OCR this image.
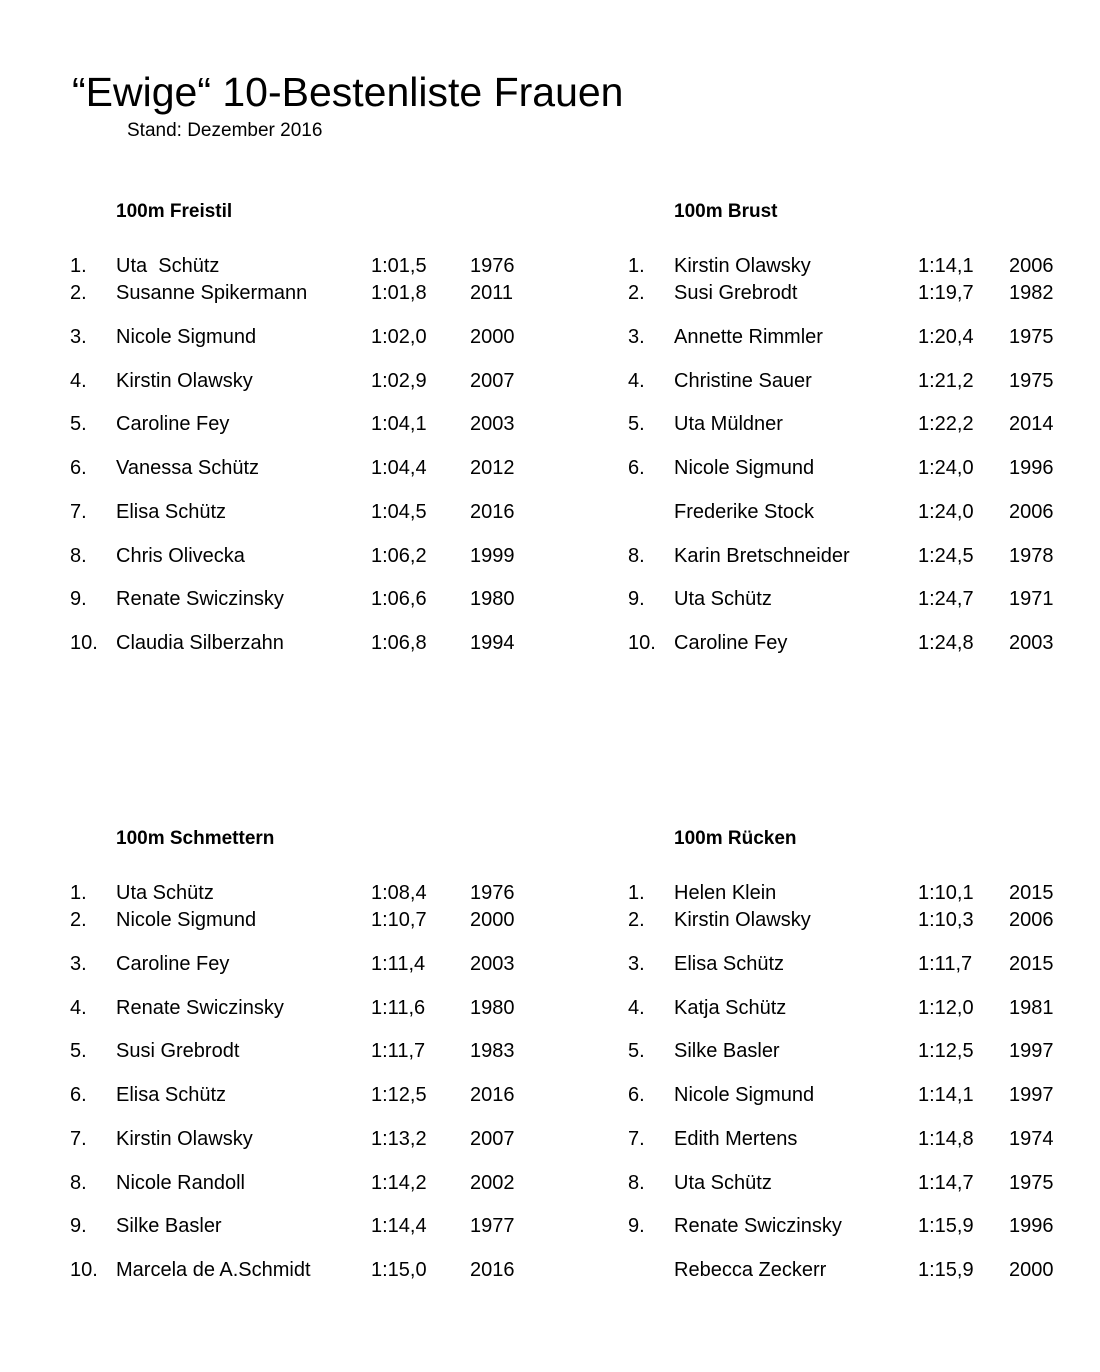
“Ewige“ 10-Bestenliste Frauen
Stand: Dezember 2016
100m Freistil
1. Uta  Schütz	1:01,5 1976
2. Susanne Spikermann	1:01,8 2011
3. Nicole Sigmund	1:02,0 2000
4. Kirstin Olawsky	1:02,9 2007
5. Caroline Fey	1:04,1 2003
6. Vanessa Schütz	1:04,4 2012
7. Elisa Schütz	1:04,5 2016
8. Chris Olivecka	1:06,2 1999
9. Renate Swiczinsky	1:06,6 1980
10. Claudia Silberzahn	1:06,8 1994
100m Brust
1. Kirstin Olawsky	1:14,1 2006
2. Susi Grebrodt	1:19,7 1982
3. Annette Rimmler	1:20,4 1975
4. Christine Sauer	1:21,2 1975
5. Uta Müldner	1:22,2 2014
6. Nicole Sigmund	1:24,0 1996
Frederike Stock	1:24,0 2006
8. Karin Bretschneider	1:24,5 1978
9. Uta Schütz	1:24,7 1971
10. Caroline Fey	1:24,8 2003
100m Schmettern
1. Uta Schütz	1:08,4 1976
2. Nicole Sigmund	1:10,7 2000
3. Caroline Fey	1:11,4 2003
4. Renate Swiczinsky	1:11,6 1980
5. Susi Grebrodt	1:11,7 1983
6. Elisa Schütz	1:12,5 2016
7. Kirstin Olawsky	1:13,2 2007
8. Nicole Randoll	1:14,2 2002
9. Silke Basler	1:14,4 1977
10. Marcela de A.Schmidt	1:15,0 2016
100m Rücken
1. Helen Klein	1:10,1 2015
2. Kirstin Olawsky	1:10,3 2006
3. Elisa Schütz	1:11,7 2015
4. Katja Schütz	1:12,0 1981
5. Silke Basler	1:12,5 1997
6. Nicole Sigmund	1:14,1 1997
7. Edith Mertens	1:14,8 1974
8. Uta Schütz	1:14,7 1975
9. Renate Swiczinsky	1:15,9 1996
Rebecca Zeckerr	1:15,9 2000
